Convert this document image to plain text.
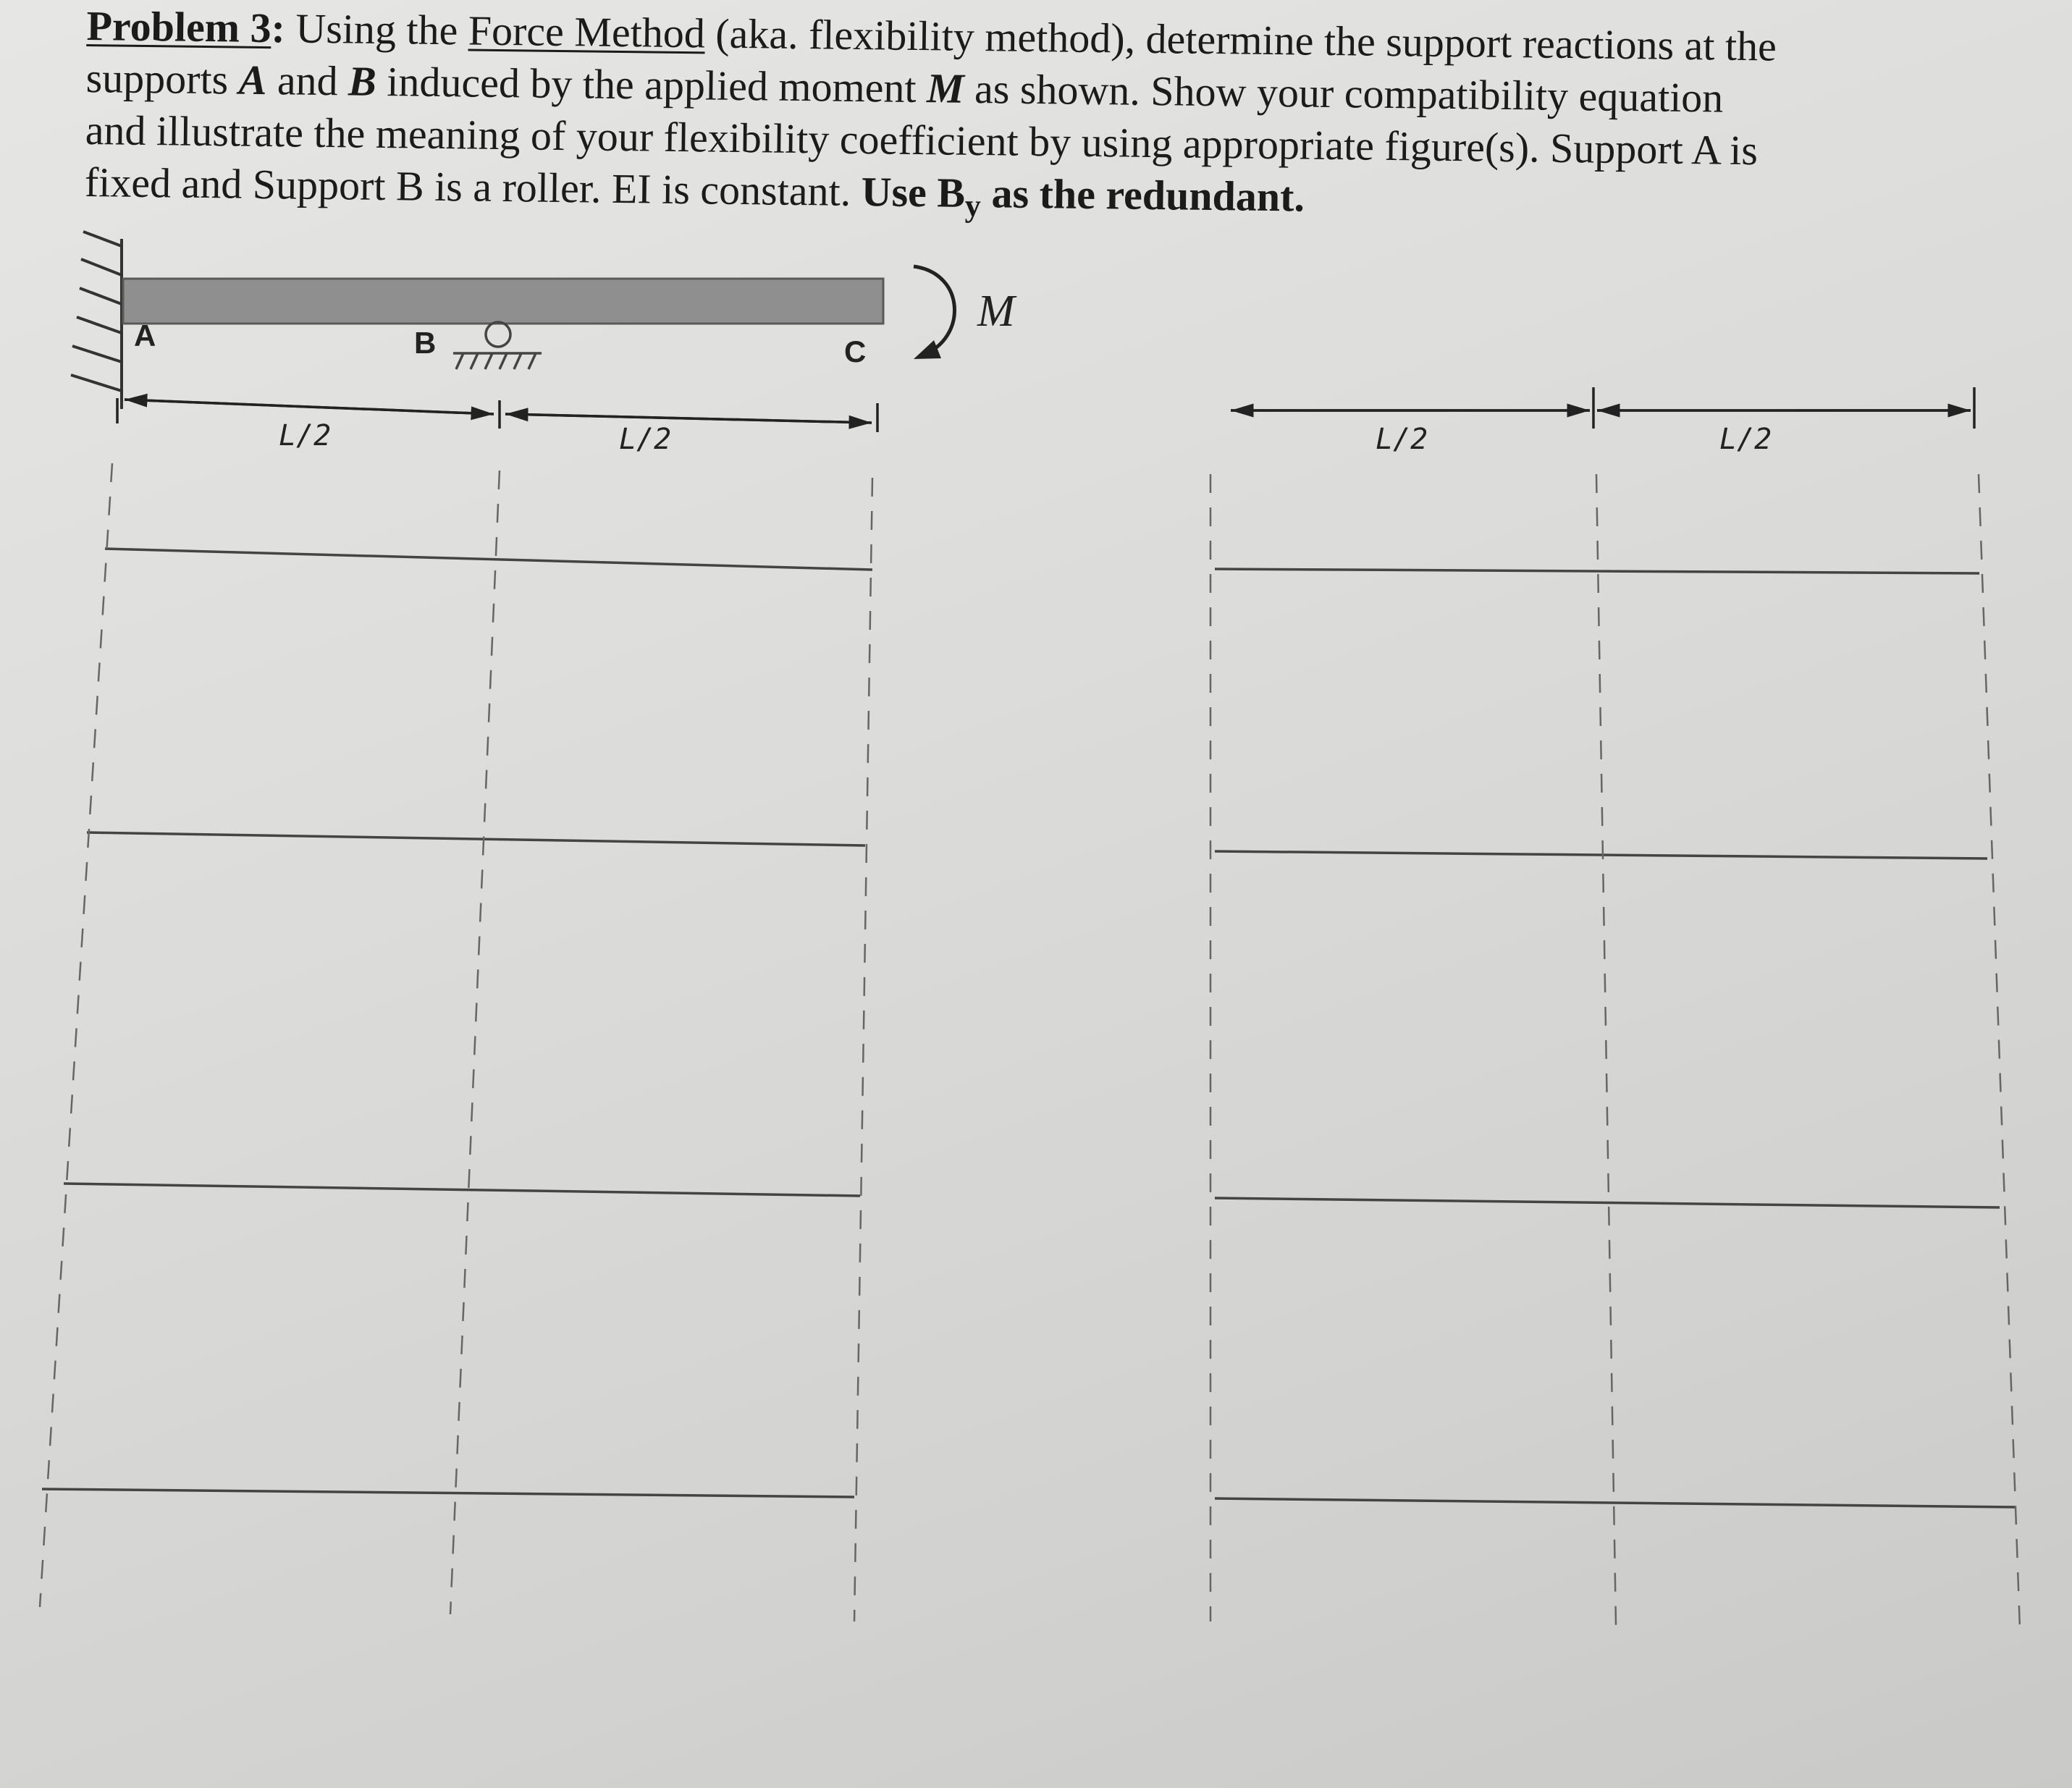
Problem 3: Using the Force Method (aka. flexibility method), determine the support reactions at the
supports A and B induced by the applied moment M as shown. Show your compatibility equation
and illustrate the meaning of your flexibility coefficient by using appropriate figure(s). Support A is
fixed and Support B is a roller. EI is constant. Use $B_y$ as the redundant.
A	B	C
M
L/2	L/2	L/2	L/2
